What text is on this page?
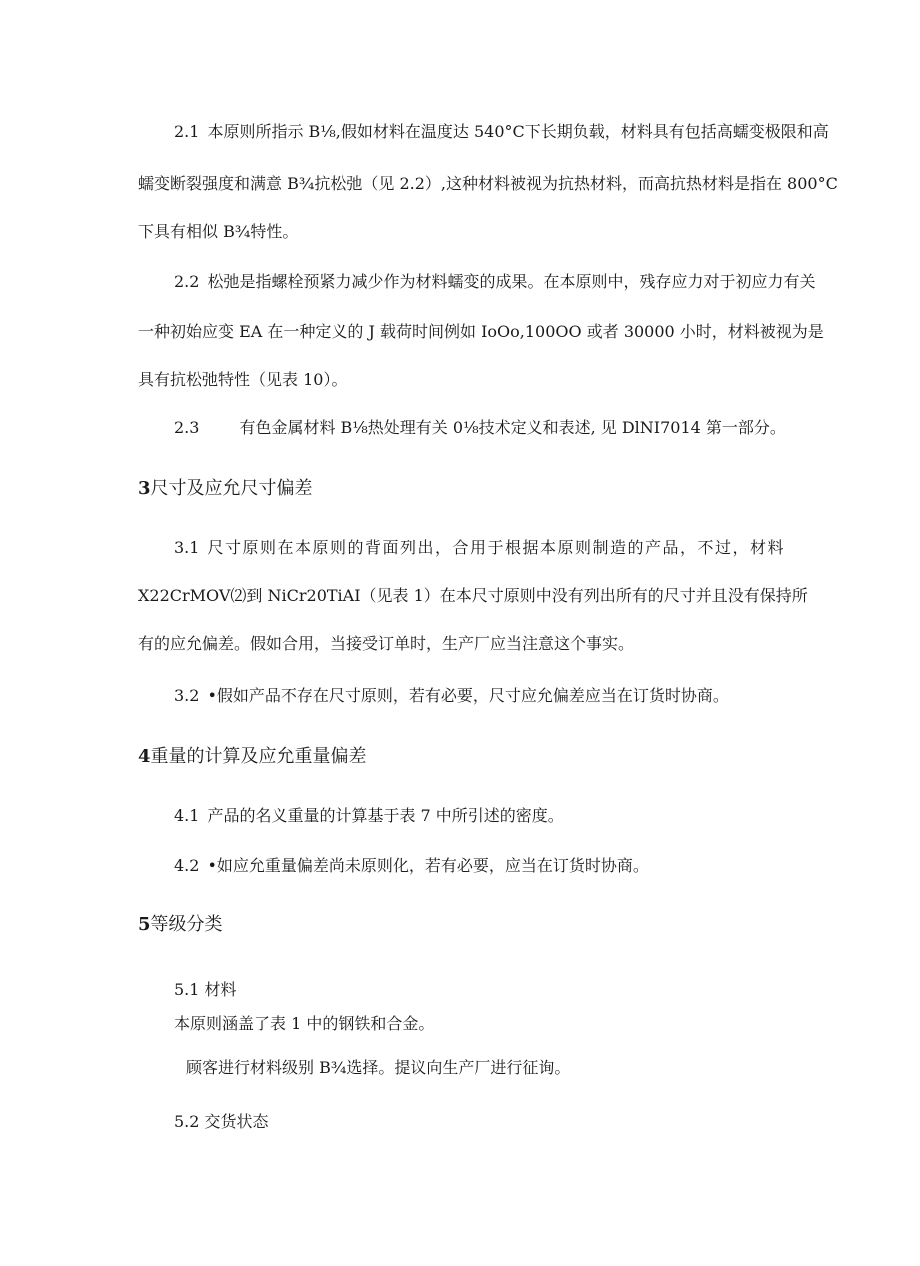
2.1 本原则所指示 B⅛,假如材料在温度达 540°C下长期负载，材料具有包括高蠕变极限和高
蠕变断裂强度和满意 B¾抗松弛（见 2.2）,这种材料被视为抗热材料，而高抗热材料是指在 800°C
下具有相似 B¾特性。
2.2 松弛是指螺栓预紧力减少作为材料蠕变的成果。在本原则中，残存应力对于初应力有关
一种初始应变 EA 在一种定义的 J 载荷时间例如 IoOo,100OO 或者 30000 小时，材料被视为是
具有抗松弛特性（见表 10）。
2.3	有色金属材料 B⅛热处理有关 0⅛技术定义和表述, 见 DlNI7014 第一部分。
3尺寸及应允尺寸偏差
3.1 尺寸原则在本原则的背面列出，合用于根据本原则制造的产品，不过，材料
X22CrMOV⑵到 NiCr20TiAI（见表 1）在本尺寸原则中没有列出所有的尺寸并且没有保持所
有的应允偏差。假如合用，当接受订单时，生产厂应当注意这个事实。
3.2 •假如产品不存在尺寸原则，若有必要，尺寸应允偏差应当在订货时协商。
4重量的计算及应允重量偏差
4.1 产品的名义重量的计算基于表 7 中所引述的密度。
4.2 •如应允重量偏差尚未原则化，若有必要，应当在订货时协商。
5等级分类
5.1 材料
本原则涵盖了表 1 中的钢铁和合金。
顾客进行材料级别 B¾选择。提议向生产厂进行征询。
5.2 交货状态
